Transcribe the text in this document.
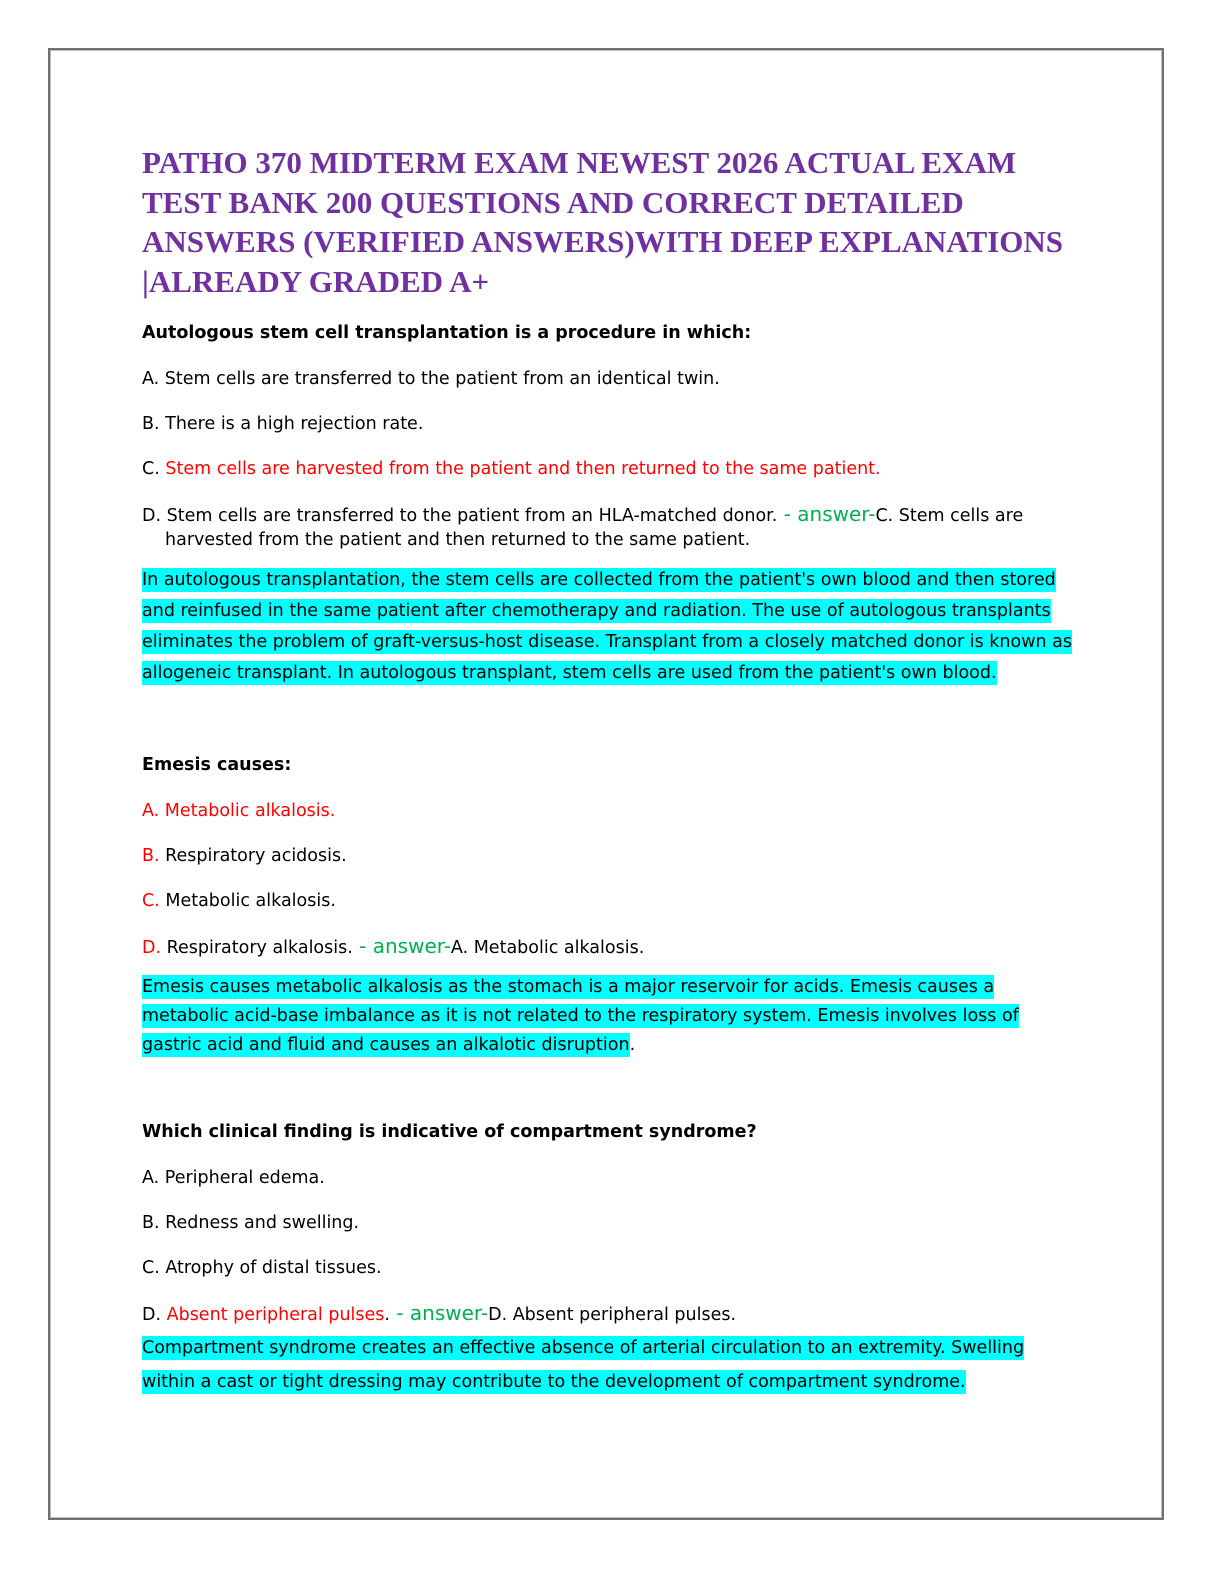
PATHO 370 MIDTERM EXAM NEWEST 2026 ACTUAL EXAM TEST BANK 200 QUESTIONS AND CORRECT DETAILED ANSWERS (VERIFIED ANSWERS)WITH DEEP EXPLANATIONS |ALREADY GRADED A+

Autologous stem cell transplantation is a procedure in which:

A. Stem cells are transferred to the patient from an identical twin.

B. There is a high rejection rate.

C. Stem cells are harvested from the patient and then returned to the same patient.

D. Stem cells are transferred to the patient from an HLA-matched donor. - answer-C. Stem cells are
harvested from the patient and then returned to the same patient.

In autologous transplantation, the stem cells are collected from the patient's own blood and then stored and reinfused in the same patient after chemotherapy and radiation. The use of autologous transplants eliminates the problem of graft-versus-host disease. Transplant from a closely matched donor is known as allogeneic transplant. In autologous transplant, stem cells are used from the patient's own blood.

Emesis causes:

A. Metabolic alkalosis.

B. Respiratory acidosis.

C. Metabolic alkalosis.

D. Respiratory alkalosis. - answer-A. Metabolic alkalosis.

Emesis causes metabolic alkalosis as the stomach is a major reservoir for acids. Emesis causes a metabolic acid-base imbalance as it is not related to the respiratory system. Emesis involves loss of gastric acid and fluid and causes an alkalotic disruption.

Which clinical finding is indicative of compartment syndrome?

A. Peripheral edema.

B. Redness and swelling.

C. Atrophy of distal tissues.

D. Absent peripheral pulses. - answer-D. Absent peripheral pulses.

Compartment syndrome creates an effective absence of arterial circulation to an extremity. Swelling within a cast or tight dressing may contribute to the development of compartment syndrome.
